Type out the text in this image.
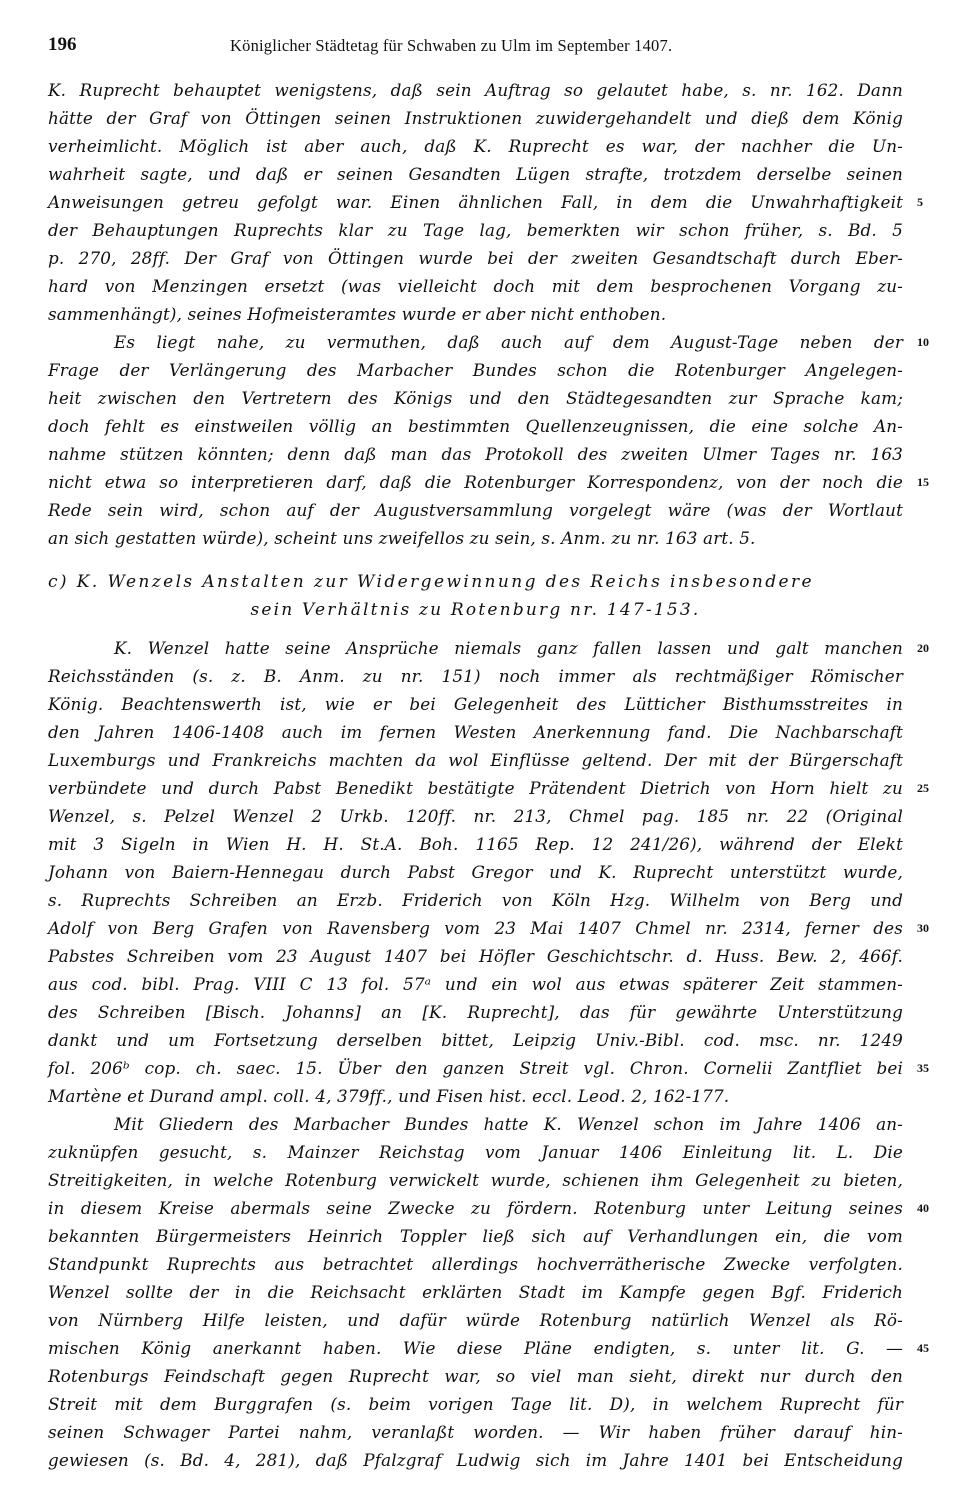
196	Königlicher Städtetag für Schwaben zu Ulm im September 1407.
K. Ruprecht behauptet wenigstens, daß sein Auftrag so gelautet habe, s. nr. 162. Dann
hätte der Graf von Öttingen seinen Instruktionen zuwidergehandelt und dieß dem König
verheimlicht. Möglich ist aber auch, daß K. Ruprecht es war, der nachher die Un-
wahrheit sagte, und daß er seinen Gesandten Lügen strafte, trotzdem derselbe seinen
Anweisungen getreu gefolgt war. Einen ähnlichen Fall, in dem die Unwahrhaftigkeit 5
der Behauptungen Ruprechts klar zu Tage lag, bemerkten wir schon früher, s. Bd. 5
p. 270, 28ff. Der Graf von Öttingen wurde bei der zweiten Gesandtschaft durch Eber-
hard von Menzingen ersetzt (was vielleicht doch mit dem besprochenen Vorgang zu-
sammenhängt), seines Hofmeisteramtes wurde er aber nicht enthoben.
Es liegt nahe, zu vermuthen, daß auch auf dem August-Tage neben der 10
Frage der Verlängerung des Marbacher Bundes schon die Rotenburger Angelegen-
heit zwischen den Vertretern des Königs und den Städtegesandten zur Sprache kam;
doch fehlt es einstweilen völlig an bestimmten Quellenzeugnissen, die eine solche An-
nahme stützen könnten; denn daß man das Protokoll des zweiten Ulmer Tages nr. 163
nicht etwa so interpretieren darf, daß die Rotenburger Korrespondenz, von der noch die 15
Rede sein wird, schon auf der Augustversammlung vorgelegt wäre (was der Wortlaut
an sich gestatten würde), scheint uns zweifellos zu sein, s. Anm. zu nr. 163 art. 5.
c) K. Wenzels Anstalten zur Widergewinnung des Reichs insbesondere
sein Verhältnis zu Rotenburg nr. 147-153.
K. Wenzel hatte seine Ansprüche niemals ganz fallen lassen und galt manchen 20
Reichsständen (s. z. B. Anm. zu nr. 151) noch immer als rechtmäßiger Römischer
König. Beachtenswerth ist, wie er bei Gelegenheit des Lütticher Bisthumsstreites in
den Jahren 1406-1408 auch im fernen Westen Anerkennung fand. Die Nachbarschaft
Luxemburgs und Frankreichs machten da wol Einflüsse geltend. Der mit der Bürgerschaft
verbündete und durch Pabst Benedikt bestätigte Prätendent Dietrich von Horn hielt zu 25
Wenzel, s. Pelzel Wenzel 2 Urkb. 120ff. nr. 213, Chmel pag. 185 nr. 22 (Original
mit 3 Sigeln in Wien H. H. St.A. Boh. 1165 Rep. 12 241/26), während der Elekt
Johann von Baiern-Hennegau durch Pabst Gregor und K. Ruprecht unterstützt wurde,
s. Ruprechts Schreiben an Erzb. Friderich von Köln Hzg. Wilhelm von Berg und
Adolf von Berg Grafen von Ravensberg vom 23 Mai 1407 Chmel nr. 2314, ferner des 30
Pabstes Schreiben vom 23 August 1407 bei Höfler Geschichtschr. d. Huss. Bew. 2, 466f.
aus cod. bibl. Prag. VIII C 13 fol. 57ᵃ und ein wol aus etwas späterer Zeit stammen-
des Schreiben [Bisch. Johanns] an [K. Ruprecht], das für gewährte Unterstützung
dankt und um Fortsetzung derselben bittet, Leipzig Univ.-Bibl. cod. msc. nr. 1249
fol. 206ᵇ cop. ch. saec. 15. Über den ganzen Streit vgl. Chron. Cornelii Zantfliet bei 35
Martène et Durand ampl. coll. 4, 379ff., und Fisen hist. eccl. Leod. 2, 162-177.
Mit Gliedern des Marbacher Bundes hatte K. Wenzel schon im Jahre 1406 an-
zuknüpfen gesucht, s. Mainzer Reichstag vom Januar 1406 Einleitung lit. L. Die
Streitigkeiten, in welche Rotenburg verwickelt wurde, schienen ihm Gelegenheit zu bieten,
in diesem Kreise abermals seine Zwecke zu fördern. Rotenburg unter Leitung seines 40
bekannten Bürgermeisters Heinrich Toppler ließ sich auf Verhandlungen ein, die vom
Standpunkt Ruprechts aus betrachtet allerdings hochverrätherische Zwecke verfolgten.
Wenzel sollte der in die Reichsacht erklärten Stadt im Kampfe gegen Bgf. Friderich
von Nürnberg Hilfe leisten, und dafür würde Rotenburg natürlich Wenzel als Rö-
mischen König anerkannt haben. Wie diese Pläne endigten, s. unter lit. G. — 45
Rotenburgs Feindschaft gegen Ruprecht war, so viel man sieht, direkt nur durch den
Streit mit dem Burggrafen (s. beim vorigen Tage lit. D), in welchem Ruprecht für
seinen Schwager Partei nahm, veranlaßt worden. — Wir haben früher darauf hin-
gewiesen (s. Bd. 4, 281), daß Pfalzgraf Ludwig sich im Jahre 1401 bei Entscheidung
